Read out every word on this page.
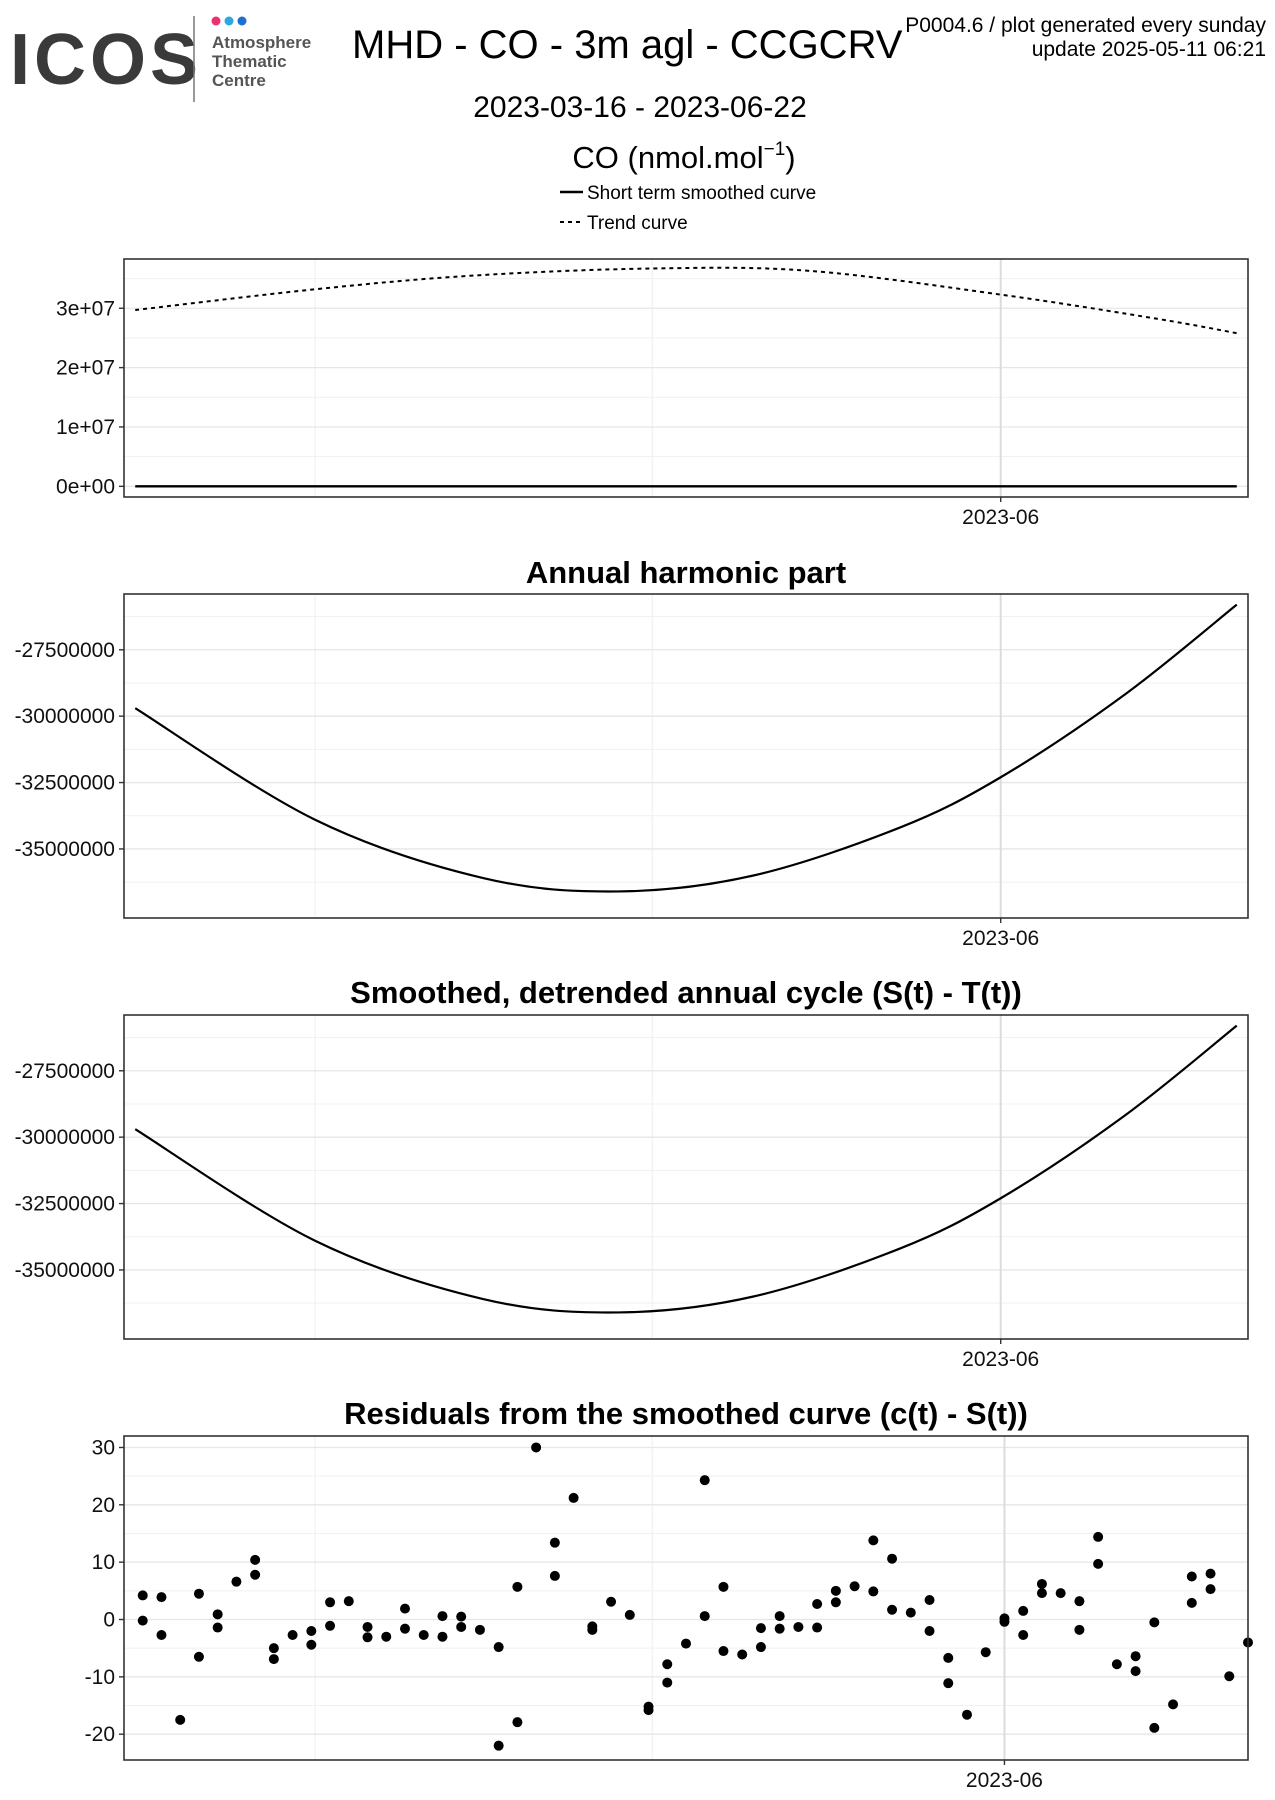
ICOS Atmosphere
Thematic
Centre
MHD - CO - 3m agl - CCGCRV P0004.6 / plot generated every sunday
update 2025-05-11 06:21
2023-03-16 - 2023-06-22
CO (nmol.mol$^{-1}$)
Short term smoothed curve
Trend curve
0e+00
1e+07
2e+07
3e+07
2023-06
Annual harmonic part
-35000000
-32500000
-30000000
-27500000
2023-06
Smoothed, detrended annual cycle (S(t) - T(t))
-35000000
-32500000
-30000000
-27500000
2023-06
Residuals from the smoothed curve (c(t) - S(t))
-20
-10
0
10
20
30
2023-06
